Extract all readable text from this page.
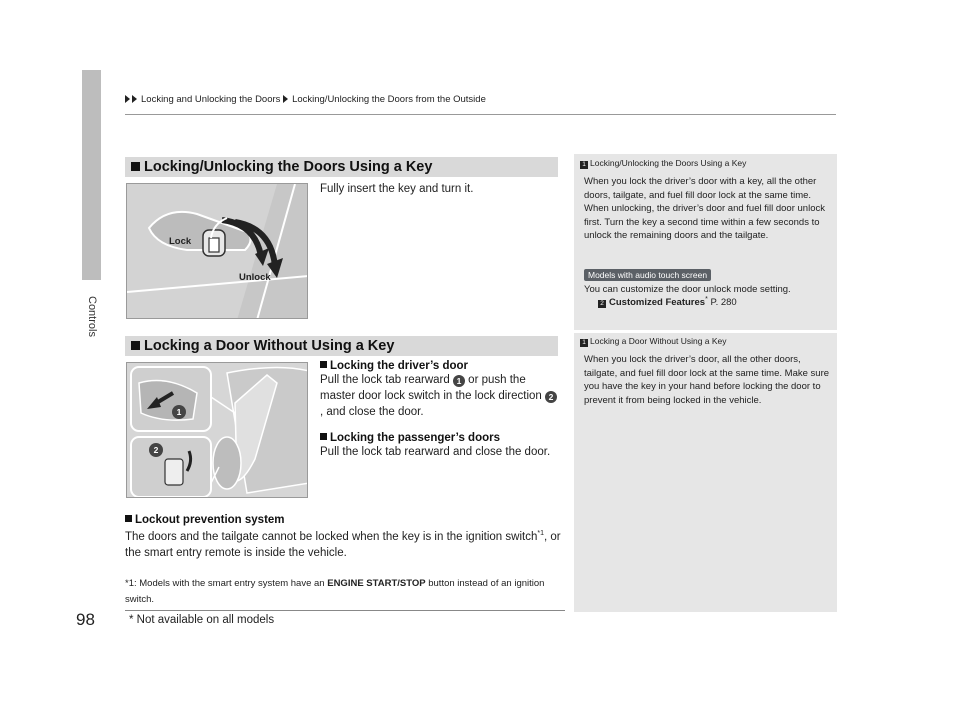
Controls
98
Locking and Unlocking the Doors Locking/Unlocking the Doors from the Outside
Locking/Unlocking the Doors Using a Key
Lock
Unlock
Fully insert the key and turn it.
Locking a Door Without Using a Key
1
2
Locking the driver’s door
Pull the lock tab rearward 1 or push the master door lock switch in the lock direction 2, and close the door.
Locking the passenger’s doors
Pull the lock tab rearward and close the door.
Lockout prevention system
The doors and the tailgate cannot be locked when the key is in the ignition switch$^{*1}$, or the smart entry remote is inside the vehicle.
*1: Models with the smart entry system have an ENGINE START/STOP button instead of an ignition switch.
* Not available on all models
1 Locking/Unlocking the Doors Using a Key
When you lock the driver’s door with a key, all the other doors, tailgate, and fuel fill door lock at the same time. When unlocking, the driver’s door and fuel fill door unlock first. Turn the key a second time within a few seconds to unlock the remaining doors and the tailgate.
Models with audio touch screen
You can customize the door unlock mode setting.
2 Customized Features* P. 280
1 Locking a Door Without Using a Key
When you lock the driver’s door, all the other doors, tailgate, and fuel fill door lock at the same time. Make sure you have the key in your hand before locking the door to prevent it from being locked in the vehicle.
